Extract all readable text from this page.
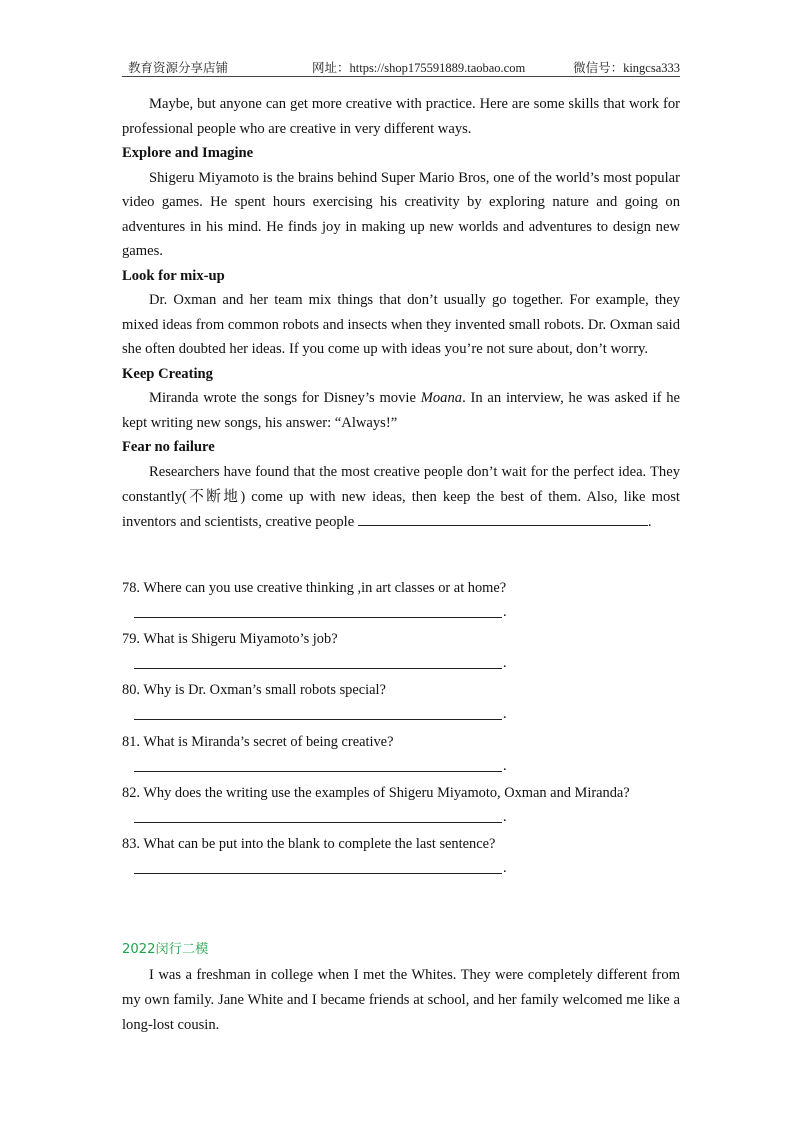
教育资源分享店铺	网址：https://shop175591889.taobao.com	微信号：kingcsa333

Maybe, but anyone can get more creative with practice. Here are some skills that work for professional people who are creative in very different ways.

Explore and Imagine

Shigeru Miyamoto is the brains behind Super Mario Bros, one of the world’s most popular video games. He spent hours exercising his creativity by exploring nature and going on adventures in his mind. He finds joy in making up new worlds and adventures to design new games.

Look for mix-up

Dr. Oxman and her team mix things that don’t usually go together. For example, they mixed ideas from common robots and insects when they invented small robots. Dr. Oxman said she often doubted her ideas. If you come up with ideas you’re not sure about, don’t worry.

Keep Creating

Miranda wrote the songs for Disney’s movie Moana. In an interview, he was asked if he kept writing new songs, his answer: “Always!”

Fear no failure

Researchers have found that the most creative people don’t wait for the perfect idea. They constantly(不断地) come up with new ideas, then keep the best of them. Also, like most inventors and scientists, creative people	.

78. Where can you use creative thinking ,in art classes or at home?
.
79. What is Shigeru Miyamoto’s job?
.
80. Why is Dr. Oxman’s small robots special?
.
81. What is Miranda’s secret of being creative?
.
82. Why does the writing use the examples of Shigeru Miyamoto, Oxman and Miranda?
.
83. What can be put into the blank to complete the last sentence?
.

2022闵行二模

I was a freshman in college when I met the Whites. They were completely different from my own family. Jane White and I became friends at school, and her family welcomed me like a long-lost cousin.
